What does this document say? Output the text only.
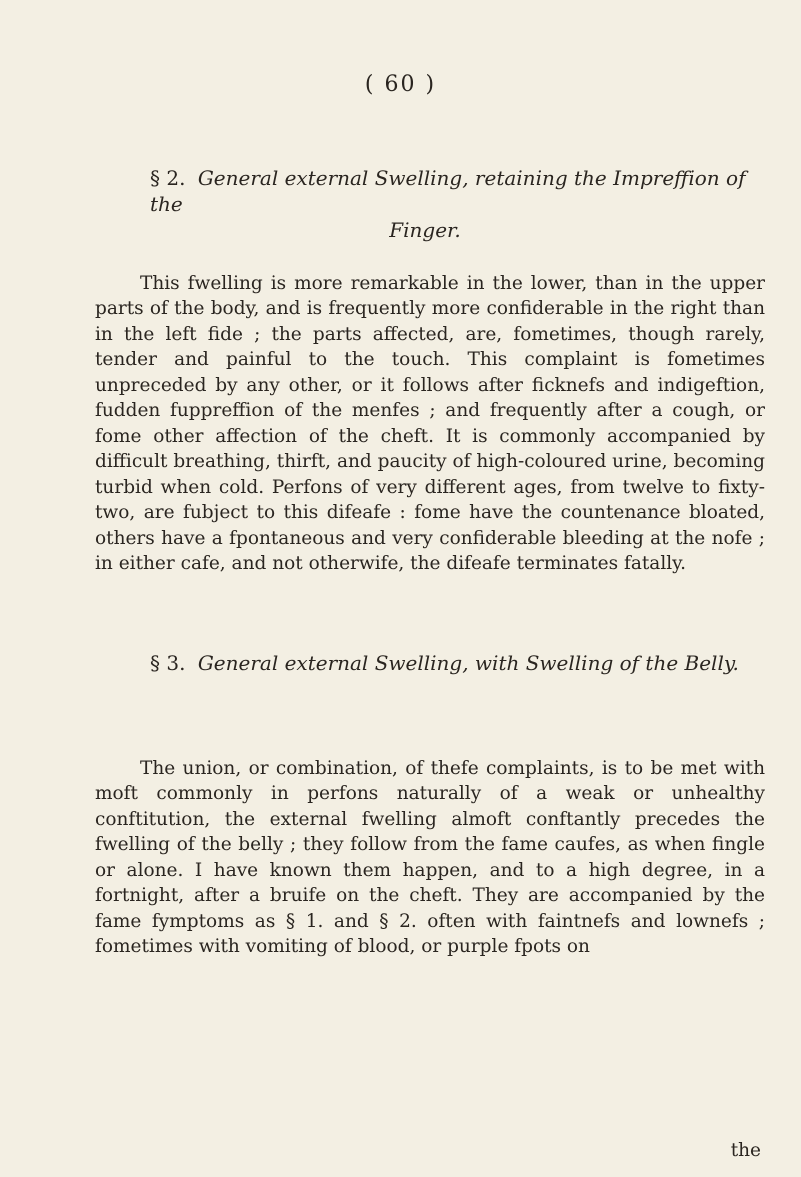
( 60 )
§ 2. General external Swelling, retaining the Impreffion of the
Finger.

This fwelling is more remarkable in the lower, than in the upper parts of the body, and is frequently more confiderable in the right than in the left fide ; the parts affected, are, fometimes, though rarely, tender and painful to the touch. This complaint is fometimes unpreceded by any other, or it follows after ficknefs and indigeftion, fudden fuppreffion of the menfes ; and frequently after a cough, or fome other affection of the cheft. It is commonly accompanied by difficult breathing, thirft, and paucity of high-coloured urine, becoming turbid when cold. Perfons of very different ages, from twelve to fixty-two, are fubject to this difeafe : fome have the countenance bloated, others have a fpontaneous and very confiderable bleeding at the nofe ; in either cafe, and not otherwife, the difeafe terminates fatally.

§ 3. General external Swelling, with Swelling of the Belly.

The union, or combination, of thefe complaints, is to be met with moft commonly in perfons naturally of a weak or unhealthy conftitution, the external fwelling almoft conftantly precedes the fwelling of the belly ; they follow from the fame caufes, as when fingle or alone. I have known them happen, and to a high degree, in a fortnight, after a bruife on the cheft. They are accompanied by the fame fymptoms as § 1. and § 2. often with faintnefs and lownefs ; fometimes with vomiting of blood, or purple fpots on

the
